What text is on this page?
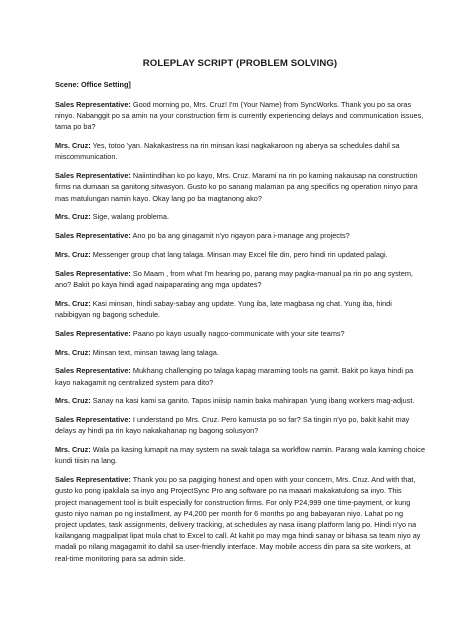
ROLEPLAY SCRIPT (PROBLEM SOLVING)
Scene: Office Setting]

Sales Representative: Good morning po, Mrs. Cruz! I'm (Your Name) from SyncWorks. Thank you po sa oras ninyo. Nabanggit po sa amin na your construction firm is currently experiencing delays and communication issues, tama po ba?

Mrs. Cruz: Yes, totoo 'yan. Nakakastress na rin minsan kasi nagkakaroon ng aberya sa schedules dahil sa miscommunication.

Sales Representative: Naiintindihan ko po kayo, Mrs. Cruz. Marami na rin po kaming nakausap na construction firms na dumaan sa ganitong sitwasyon. Gusto ko po sanang malaman pa ang specifics ng operation ninyo para mas matulungan namin kayo. Okay lang po ba magtanong ako?

Mrs. Cruz: Sige, walang problema.

Sales Representative: Ano po ba ang ginagamit n'yo ngayon para i-manage ang projects?

Mrs. Cruz: Messenger group chat lang talaga. Minsan may Excel file din, pero hindi rin updated palagi.

Sales Representative: So Maam , from what I'm hearing po, parang may pagka-manual pa rin po ang system, ano? Bakit po kaya hindi agad naipaparating ang mga updates?

Mrs. Cruz: Kasi minsan, hindi sabay-sabay ang update. Yung iba, late magbasa ng chat. Yung iba, hindi nabibigyan ng bagong schedule.

Sales Representative: Paano po kayo usually nagco-communicate with your site teams?

Mrs. Cruz: Minsan text, minsan tawag lang talaga.

Sales Representative: Mukhang challenging po talaga kapag maraming tools na gamit. Bakit po kaya hindi pa kayo nakagamit ng centralized system para dito?

Mrs. Cruz: Sanay na kasi kami sa ganito. Tapos iniisip namin baka mahirapan 'yung ibang workers mag-adjust.

Sales Representative: I understand po Mrs. Cruz. Pero kamusta po so far? Sa tingin n'yo po, bakit kahit may delays ay hindi pa rin kayo nakakahanap ng bagong solusyon?

Mrs. Cruz: Wala pa kasing lumapit na may system na swak talaga sa workflow namin. Parang wala kaming choice kundi tiisin na lang.

Sales Representative: Thank you po sa pagiging honest and open with your concern, Mrs. Cruz. And with that, gusto ko pong ipakilala sa inyo ang ProjectSync Pro ang software po na maaari makakatulong sa inyo. This project management tool is built especially for construction firms. For only P24,999 one time-payment, or kung gusto niyo naman po ng installment, ay P4,200 per month for 6 months po ang babayaran niyo. Lahat po ng project updates, task assignments, delivery tracking, at schedules ay nasa iisang platform lang po. Hindi n'yo na kailangang magpalipat lipat mula chat to Excel to call. At kahit po may mga hindi sanay or bihasa sa team niyo ay madali po nilang magagamit ito dahil sa user-friendly interface. May mobile access din para sa site workers, at real-time monitoring para sa admin side.
